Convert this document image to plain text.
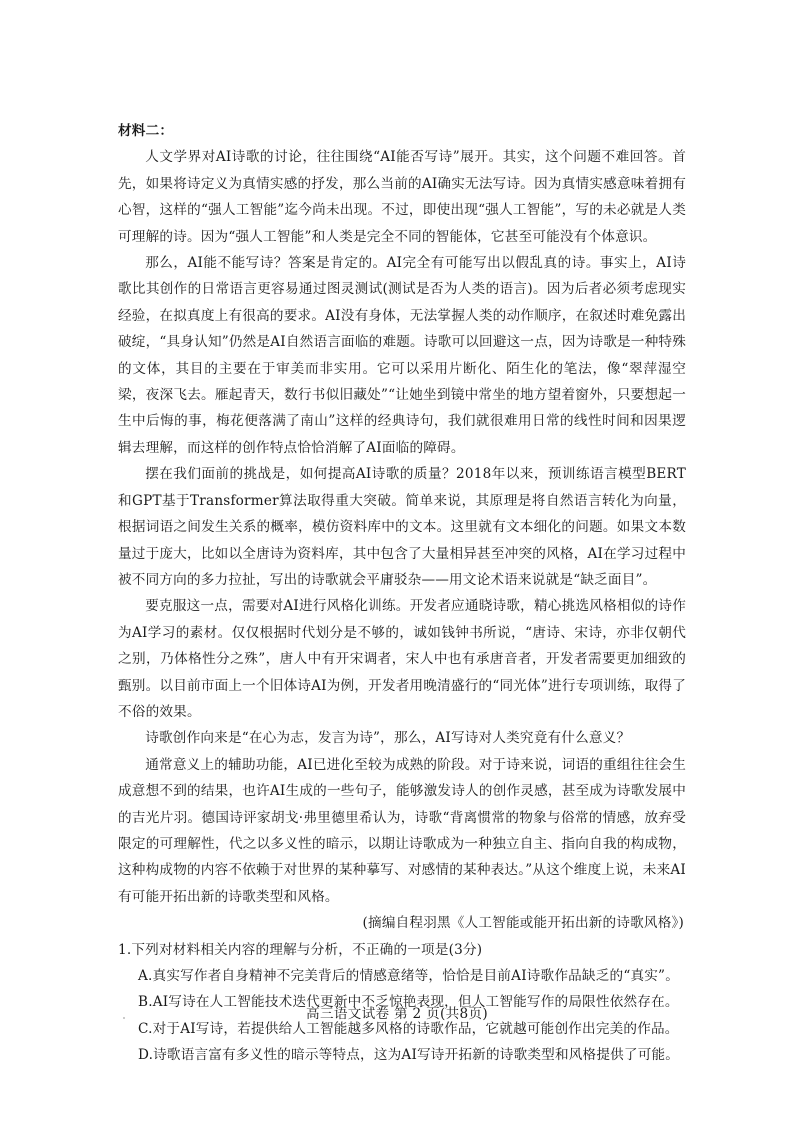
材料二：

人文学界对AI诗歌的讨论，往往围绕“AI能否写诗”展开。其实，这个问题不难回答。首先，如果将诗定义为真情实感的抒发，那么当前的AI确实无法写诗。因为真情实感意味着拥有心智，这样的“强人工智能”迄今尚未出现。不过，即使出现“强人工智能”，写的未必就是人类可理解的诗。因为“强人工智能”和人类是完全不同的智能体，它甚至可能没有个体意识。

那么，AI能不能写诗？答案是肯定的。AI完全有可能写出以假乱真的诗。事实上，AI诗歌比其创作的日常语言更容易通过图灵测试(测试是否为人类的语言)。因为后者必须考虑现实经验，在拟真度上有很高的要求。AI没有身体，无法掌握人类的动作顺序，在叙述时难免露出破绽，“具身认知”仍然是AI自然语言面临的难题。诗歌可以回避这一点，因为诗歌是一种特殊的文体，其目的主要在于审美而非实用。它可以采用片断化、陌生化的笔法，像“翠萍湿空梁，夜深飞去。雁起青天，数行书似旧藏处”“让她坐到镜中常坐的地方望着窗外，只要想起一生中后悔的事，梅花便落满了南山”这样的经典诗句，我们就很难用日常的线性时间和因果逻辑去理解，而这样的创作特点恰恰消解了AI面临的障碍。

摆在我们面前的挑战是，如何提高AI诗歌的质量？2018年以来，预训练语言模型BERT和GPT基于Transformer算法取得重大突破。简单来说，其原理是将自然语言转化为向量，根据词语之间发生关系的概率，模仿资料库中的文本。这里就有文本细化的问题。如果文本数量过于庞大，比如以全唐诗为资料库，其中包含了大量相异甚至冲突的风格，AI在学习过程中被不同方向的多力拉扯，写出的诗歌就会平庸驳杂——用文论术语来说就是“缺乏面目”。

要克服这一点，需要对AI进行风格化训练。开发者应通晓诗歌，精心挑选风格相似的诗作为AI学习的素材。仅仅根据时代划分是不够的，诚如钱钟书所说，“唐诗、宋诗，亦非仅朝代之别，乃体格性分之殊”，唐人中有开宋调者，宋人中也有承唐音者，开发者需要更加细致的甄别。以目前市面上一个旧体诗AI为例，开发者用晚清盛行的“同光体”进行专项训练，取得了不俗的效果。

诗歌创作向来是“在心为志，发言为诗”，那么，AI写诗对人类究竟有什么意义？

通常意义上的辅助功能，AI已进化至较为成熟的阶段。对于诗来说，词语的重组往往会生成意想不到的结果，也许AI生成的一些句子，能够激发诗人的创作灵感，甚至成为诗歌发展中的吉光片羽。德国诗评家胡戈·弗里德里希认为，诗歌“背离惯常的物象与俗常的情感，放弃受限定的可理解性，代之以多义性的暗示，以期让诗歌成为一种独立自主、指向自我的构成物，这种构成物的内容不依赖于对世界的某种摹写、对感情的某种表达。”从这个维度上说，未来AI有可能开拓出新的诗歌类型和风格。

(摘编自程羽黑《人工智能或能开拓出新的诗歌风格》)

1.下列对材料相关内容的理解与分析，不正确的一项是(3分)

A.真实写作者自身精神不完美背后的情感意绪等，恰恰是目前AI诗歌作品缺乏的“真实”。

B.AI写诗在人工智能技术迭代更新中不乏惊艳表现，但人工智能写作的局限性依然存在。

C.对于AI写诗，若提供给人工智能越多风格的诗歌作品，它就越可能创作出完美的作品。

D.诗歌语言富有多义性的暗示等特点，这为AI写诗开拓新的诗歌类型和风格提供了可能。

高三语文试卷 第 2 页(共8页)
